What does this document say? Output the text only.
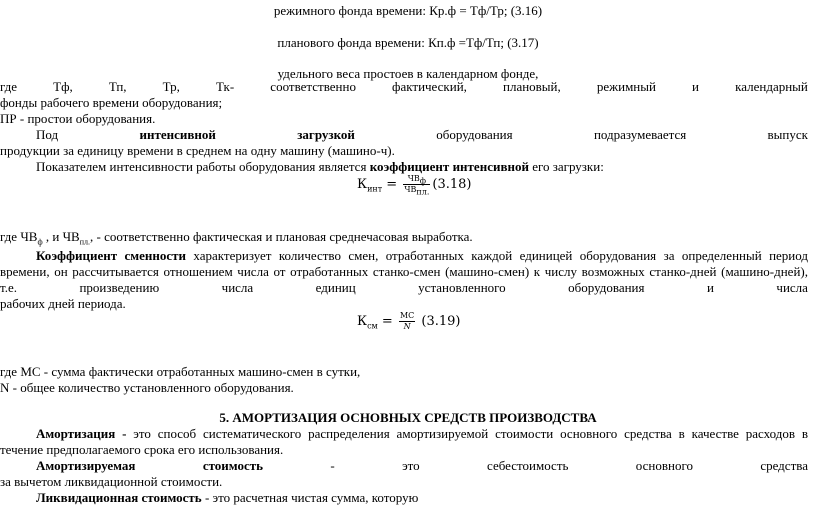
режимного фонда времени: Кр.ф = Тф/Тр; (3.16)
планового фонда времени: Кп.ф =Тф/Тп; (3.17)
удельного веса простоев в календарном фонде,
где	Тф,	Тп,	Тр,	Тк-	соответственно	фактический,	плановый,	режимный	и	календарный
фонды рабочего времени оборудования;
ПР - простои оборудования.
Под	интенсивной	загрузкой	оборудования	подразумевается	выпуск
продукции за единицу времени в среднем на одну машину (машино-ч).
Показателем интенсивности работы оборудования является коэффициент интенсивной его загрузки:
$К_{инт} = \frac{ЧВ_ф}{ЧВ_{пл.}} (3.18)$
где $ЧВ_ф$ , и $ЧВ_{пл.}$, - соответственно фактическая и плановая среднечасовая выработка.
Коэффициент сменности характеризует количество смен, отработанных каждой единицей оборудования за определенный период
времени, он рассчитывается отношением числа от отработанных станко-смен (машино-смен) к числу возможных станко-дней (машино-дней),
т.е.	произведению	числа	единиц	установленного	оборудования	и	числа
рабочих дней периода.
$К_{см} = \frac{МС}{N} (3.19)$
где МС - сумма фактически отработанных машино-смен в сутки,
N - общее количество установленного оборудования.
5. АМОРТИЗАЦИЯ ОСНОВНЫХ СРЕДСТВ ПРОИЗВОДСТВА
Амортизация - это способ систематического распределения амортизируемой стоимости основного средства в качестве расходов в
течение предполагаемого срока его использования.
Амортизируемая	стоимость	-	это	себестоимость	основного	средства
за вычетом ликвидационной стоимости.
Ликвидационная стоимость - это расчетная чистая сумма, которую
